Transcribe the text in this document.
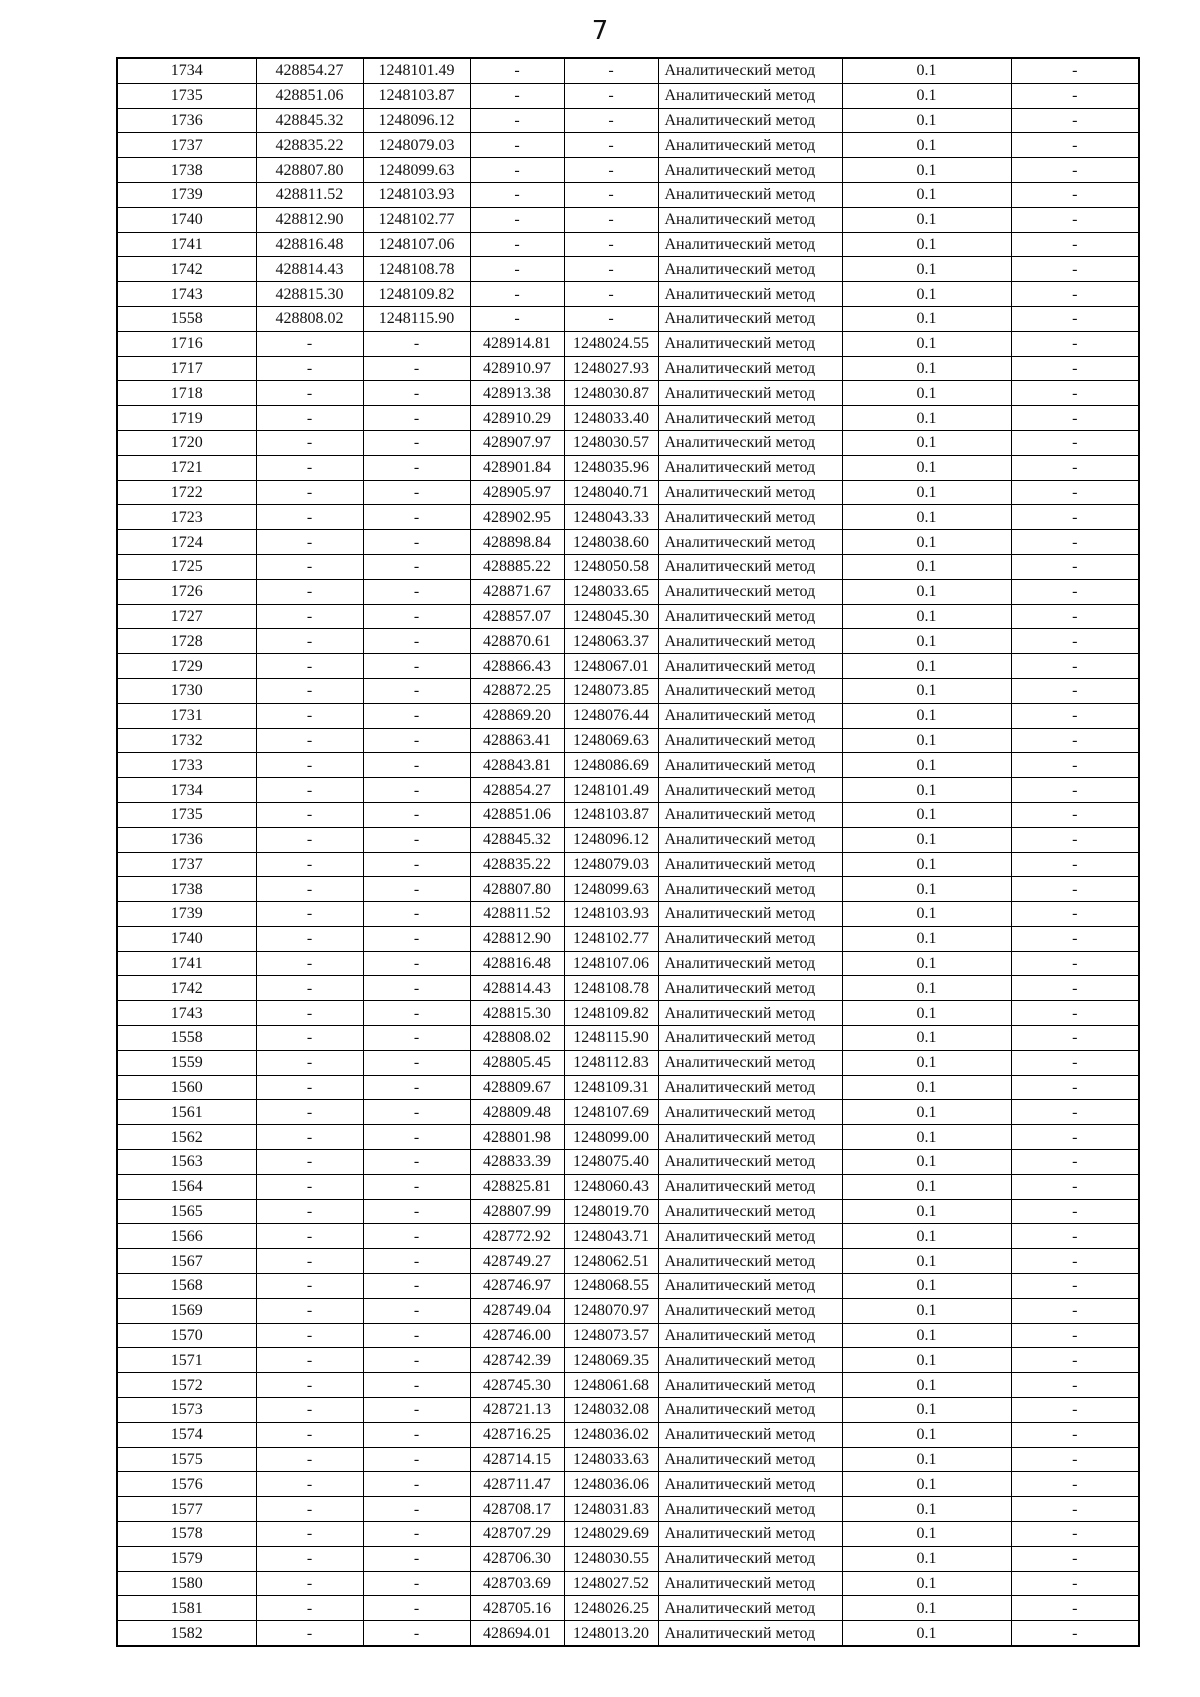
7
1734	428854.27	1248101.49	-	-	Аналитический метод	0.1	-
1735	428851.06	1248103.87	-	-	Аналитический метод	0.1	-
1736	428845.32	1248096.12	-	-	Аналитический метод	0.1	-
1737	428835.22	1248079.03	-	-	Аналитический метод	0.1	-
1738	428807.80	1248099.63	-	-	Аналитический метод	0.1	-
1739	428811.52	1248103.93	-	-	Аналитический метод	0.1	-
1740	428812.90	1248102.77	-	-	Аналитический метод	0.1	-
1741	428816.48	1248107.06	-	-	Аналитический метод	0.1	-
1742	428814.43	1248108.78	-	-	Аналитический метод	0.1	-
1743	428815.30	1248109.82	-	-	Аналитический метод	0.1	-
1558	428808.02	1248115.90	-	-	Аналитический метод	0.1	-
1716	-	-	428914.81	1248024.55	Аналитический метод	0.1	-
1717	-	-	428910.97	1248027.93	Аналитический метод	0.1	-
1718	-	-	428913.38	1248030.87	Аналитический метод	0.1	-
1719	-	-	428910.29	1248033.40	Аналитический метод	0.1	-
1720	-	-	428907.97	1248030.57	Аналитический метод	0.1	-
1721	-	-	428901.84	1248035.96	Аналитический метод	0.1	-
1722	-	-	428905.97	1248040.71	Аналитический метод	0.1	-
1723	-	-	428902.95	1248043.33	Аналитический метод	0.1	-
1724	-	-	428898.84	1248038.60	Аналитический метод	0.1	-
1725	-	-	428885.22	1248050.58	Аналитический метод	0.1	-
1726	-	-	428871.67	1248033.65	Аналитический метод	0.1	-
1727	-	-	428857.07	1248045.30	Аналитический метод	0.1	-
1728	-	-	428870.61	1248063.37	Аналитический метод	0.1	-
1729	-	-	428866.43	1248067.01	Аналитический метод	0.1	-
1730	-	-	428872.25	1248073.85	Аналитический метод	0.1	-
1731	-	-	428869.20	1248076.44	Аналитический метод	0.1	-
1732	-	-	428863.41	1248069.63	Аналитический метод	0.1	-
1733	-	-	428843.81	1248086.69	Аналитический метод	0.1	-
1734	-	-	428854.27	1248101.49	Аналитический метод	0.1	-
1735	-	-	428851.06	1248103.87	Аналитический метод	0.1	-
1736	-	-	428845.32	1248096.12	Аналитический метод	0.1	-
1737	-	-	428835.22	1248079.03	Аналитический метод	0.1	-
1738	-	-	428807.80	1248099.63	Аналитический метод	0.1	-
1739	-	-	428811.52	1248103.93	Аналитический метод	0.1	-
1740	-	-	428812.90	1248102.77	Аналитический метод	0.1	-
1741	-	-	428816.48	1248107.06	Аналитический метод	0.1	-
1742	-	-	428814.43	1248108.78	Аналитический метод	0.1	-
1743	-	-	428815.30	1248109.82	Аналитический метод	0.1	-
1558	-	-	428808.02	1248115.90	Аналитический метод	0.1	-
1559	-	-	428805.45	1248112.83	Аналитический метод	0.1	-
1560	-	-	428809.67	1248109.31	Аналитический метод	0.1	-
1561	-	-	428809.48	1248107.69	Аналитический метод	0.1	-
1562	-	-	428801.98	1248099.00	Аналитический метод	0.1	-
1563	-	-	428833.39	1248075.40	Аналитический метод	0.1	-
1564	-	-	428825.81	1248060.43	Аналитический метод	0.1	-
1565	-	-	428807.99	1248019.70	Аналитический метод	0.1	-
1566	-	-	428772.92	1248043.71	Аналитический метод	0.1	-
1567	-	-	428749.27	1248062.51	Аналитический метод	0.1	-
1568	-	-	428746.97	1248068.55	Аналитический метод	0.1	-
1569	-	-	428749.04	1248070.97	Аналитический метод	0.1	-
1570	-	-	428746.00	1248073.57	Аналитический метод	0.1	-
1571	-	-	428742.39	1248069.35	Аналитический метод	0.1	-
1572	-	-	428745.30	1248061.68	Аналитический метод	0.1	-
1573	-	-	428721.13	1248032.08	Аналитический метод	0.1	-
1574	-	-	428716.25	1248036.02	Аналитический метод	0.1	-
1575	-	-	428714.15	1248033.63	Аналитический метод	0.1	-
1576	-	-	428711.47	1248036.06	Аналитический метод	0.1	-
1577	-	-	428708.17	1248031.83	Аналитический метод	0.1	-
1578	-	-	428707.29	1248029.69	Аналитический метод	0.1	-
1579	-	-	428706.30	1248030.55	Аналитический метод	0.1	-
1580	-	-	428703.69	1248027.52	Аналитический метод	0.1	-
1581	-	-	428705.16	1248026.25	Аналитический метод	0.1	-
1582	-	-	428694.01	1248013.20	Аналитический метод	0.1	-
